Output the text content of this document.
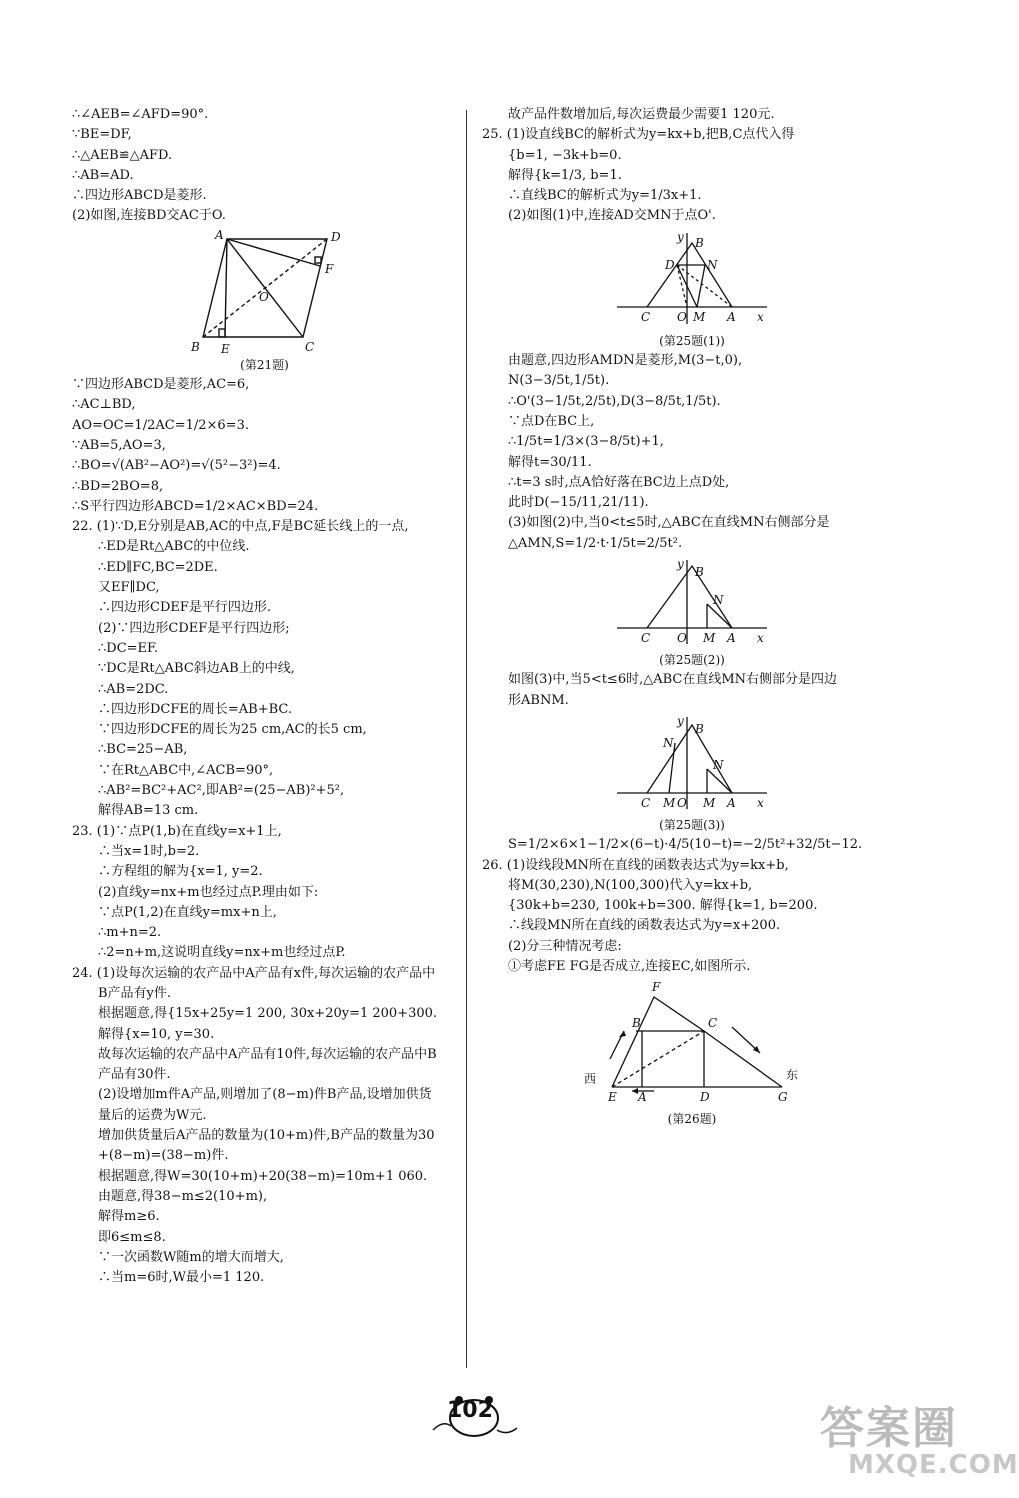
∴∠AEB=∠AFD=90°.
∵BE=DF,
∴△AEB≌△AFD.
∴AB=AD.
∴四边形ABCD是菱形.
(2)如图,连接BD交AC于O.
A	D
F
O
B E	C
(第21题)
∵四边形ABCD是菱形,AC=6,
∴AC⊥BD,
AO=OC=1/2AC=1/2×6=3.
∵AB=5,AO=3,
∴BO=√(AB²−AO²)=√(5²−3²)=4.
∴BD=2BO=8,
∴S平行四边形ABCD=1/2×AC×BD=24.
22. (1)∵D,E分别是AB,AC的中点,F是BC延长线上的一点,
∴ED是Rt△ABC的中位线.
∴ED∥FC,BC=2DE.
又EF∥DC,
∴四边形CDEF是平行四边形.
(2)∵四边形CDEF是平行四边形;
∴DC=EF.
∵DC是Rt△ABC斜边AB上的中线,
∴AB=2DC.
∴四边形DCFE的周长=AB+BC.
∵四边形DCFE的周长为25 cm,AC的长5 cm,
∴BC=25−AB,
∵在Rt△ABC中,∠ACB=90°,
∴AB²=BC²+AC²,即AB²=(25−AB)²+5²,
解得AB=13 cm.
23. (1)∵点P(1,b)在直线y=x+1上,
∴当x=1时,b=2.
∴方程组的解为{x=1, y=2.
(2)直线y=nx+m也经过点P.理由如下:
∵点P(1,2)在直线y=mx+n上,
∴m+n=2.
∴2=n+m,这说明直线y=nx+m也经过点P.
24. (1)设每次运输的农产品中A产品有x件,每次运输的农产品中
B产品有y件.
根据题意,得{15x+25y=1 200, 30x+20y=1 200+300.
解得{x=10, y=30.
故每次运输的农产品中A产品有10件,每次运输的农产品中B
产品有30件.
(2)设增加m件A产品,则增加了(8−m)件B产品,设增加供货
量后的运费为W元.
增加供货量后A产品的数量为(10+m)件,B产品的数量为30
+(8−m)=(38−m)件.
根据题意,得W=30(10+m)+20(38−m)=10m+1 060.
由题意,得38−m≤2(10+m),
解得m≥6.
即6≤m≤8.
∵一次函数W随m的增大而增大,
∴当m=6时,W最小=1 120.
故产品件数增加后,每次运费最少需要1 120元.
25. (1)设直线BC的解析式为y=kx+b,把B,C点代入得
{b=1, −3k+b=0.
解得{k=1/3, b=1.
∴直线BC的解析式为y=1/3x+1.
(2)如图(1)中,连接AD交MN于点O'.
y B
D	N
C O M A x
(第25题(1))
由题意,四边形AMDN是菱形,M(3−t,0),
N(3−3/5t,1/5t).
∴O'(3−1/5t,2/5t),D(3−8/5t,1/5t).
∵点D在BC上,
∴1/5t=1/3×(3−8/5t)+1,
解得t=30/11.
∴t=3 s时,点A恰好落在BC边上点D处,
此时D(−15/11,21/11).
(3)如图(2)中,当0<t≤5时,△ABC在直线MN右侧部分是
△AMN,S=1/2·t·1/5t=2/5t².
y
B
N
C O M A x
(第25题(2))
如图(3)中,当5<t≤6时,△ABC在直线MN右侧部分是四边
形ABNM.
y
B
N
N
C M O M A x
(第25题(3))
S=1/2×6×1−1/2×(6−t)·4/5(10−t)=−2/5t²+32/5t−12.
26. (1)设线段MN所在直线的函数表达式为y=kx+b,
将M(30,230),N(100,300)代入y=kx+b,
{30k+b=230, 100k+b=300. 解得{k=1, b=200.
∴线段MN所在直线的函数表达式为y=x+200.
(2)分三种情况考虑:
①考虑FE FG是否成立,连接EC,如图所示.
F
B	C
西	东
E A	D	G
(第26题)
102	答案圈
MXQE.COM
